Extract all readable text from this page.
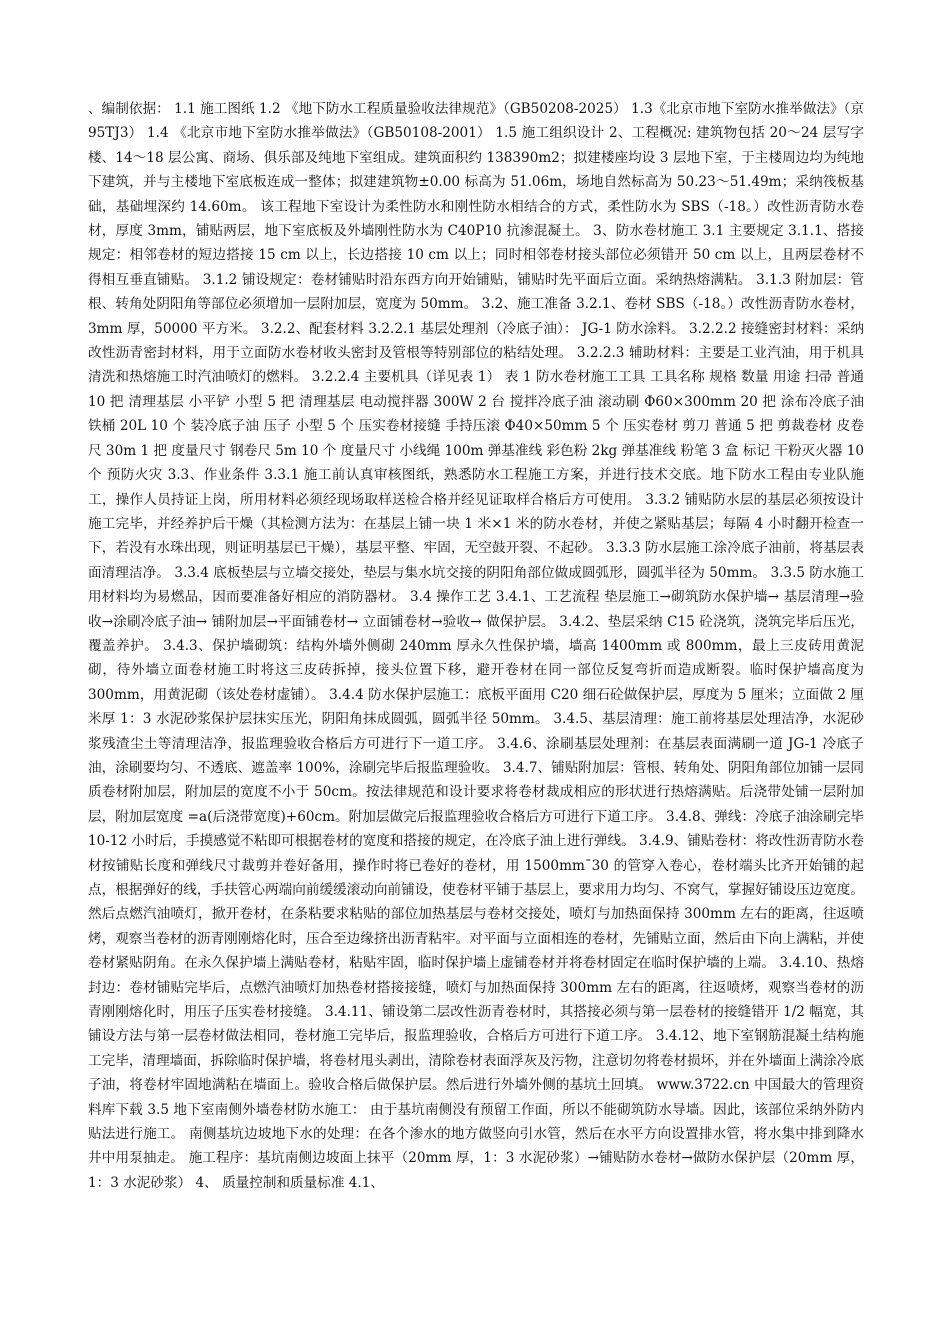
、编制依据： 1.1 施工图纸 1.2 《地下防水工程质量验收法律规范》（GB50208-2025） 1.3《北京市地下室防水推举做法》（京 95TJ3） 1.4 《北京市地下室防水推举做法》（GB50108-2001） 1.5 施工组织设计 2、工程概况: 建筑物包括 20～24 层写字楼、14～18 层公寓、商场、俱乐部及纯地下室组成。建筑面积约 138390m2；拟建楼座均设 3 层地下室，于主楼周边均为纯地下建筑，并与主楼地下室底板连成一整体；拟建建筑物±0.00 标高为 51.06m，场地自然标高为 50.23～51.49m；采纳筏板基础，基础埋深约 14.60m。 该工程地下室设计为柔性防水和刚性防水相结合的方式，柔性防水为 SBS（-18。）改性沥青防水卷材，厚度 3mm，铺贴两层，地下室底板及外墙刚性防水为 C40P10 抗渗混凝土。 3、防水卷材施工 3.1 主要规定 3.1.1、搭接规定：相邻卷材的短边搭接 15 cm 以上，长边搭接 10 cm 以上；同时相邻卷材接头部位必须错开 50 cm 以上，且两层卷材不得相互垂直铺贴。 3.1.2 铺设规定：卷材铺贴时沿东西方向开始铺贴，铺贴时先平面后立面。采纳热熔满粘。 3.1.3 附加层：管根、转角处阴阳角等部位必须增加一层附加层，宽度为 50mm。 3.2、施工准备 3.2.1、卷材 SBS（-18。）改性沥青防水卷材，3mm 厚，50000 平方米。 3.2.2、配套材料 3.2.2.1 基层处理剂（冷底子油）： JG-1 防水涂料。 3.2.2.2 接缝密封材料：采纳改性沥青密封材料，用于立面防水卷材收头密封及管根等特别部位的粘结处理。 3.2.2.3 辅助材料：主要是工业汽油，用于机具清洗和热熔施工时汽油喷灯的燃料。 3.2.2.4 主要机具（详见表 1） 表 1 防水卷材施工工具 工具名称 规格 数量 用途 扫帚 普通 10 把 清理基层 小平铲 小型 5 把 清理基层 电动搅拌器 300W 2 台 搅拌冷底子油 滚动刷 Φ60×300mm 20 把 涂布冷底子油 铁桶 20L 10 个 装冷底子油 压子 小型 5 个 压实卷材接缝 手持压滚 Φ40×50mm 5 个 压实卷材 剪刀 普通 5 把 剪裁卷材 皮卷尺 30m 1 把 度量尺寸 钢卷尺 5m 10 个 度量尺寸 小线绳 100m 弹基准线 彩色粉 2kg 弹基准线 粉笔 3 盒 标记 干粉灭火器 10 个 预防火灾 3.3、作业条件 3.3.1 施工前认真审核图纸，熟悉防水工程施工方案，并进行技术交底。地下防水工程由专业队施工，操作人员持证上岗，所用材料必须经现场取样送检合格并经见证取样合格后方可使用。 3.3.2 铺贴防水层的基层必须按设计施工完毕，并经养护后干燥（其检测方法为：在基层上铺一块 1 米×1 米的防水卷材，并使之紧贴基层；每隔 4 小时翻开检查一下，若没有水珠出现，则证明基层已干燥），基层平整、牢固，无空鼓开裂、不起砂。 3.3.3 防水层施工涂冷底子油前，将基层表面清理洁净。 3.3.4 底板垫层与立墙交接处，垫层与集水坑交接的阴阳角部位做成圆弧形，圆弧半径为 50mm。 3.3.5 防水施工用材料均为易燃品，因而要准备好相应的消防器材。 3.4 操作工艺 3.4.1、工艺流程 垫层施工→砌筑防水保护墙→ 基层清理→验收→涂刷冷底子油→ 铺附加层→平面铺卷材→ 立面铺卷材→验收→ 做保护层。 3.4.2、垫层采纳 C15 砼浇筑，浇筑完毕后压光，覆盖养护。 3.4.3、保护墙砌筑：结构外墙外侧砌 240mm 厚永久性保护墙，墙高 1400mm 或 800mm，最上三皮砖用黄泥砌，待外墙立面卷材施工时将这三皮砖拆掉，接头位置下移，避开卷材在同一部位反复弯折而造成断裂。临时保护墙高度为 300mm，用黄泥砌（该处卷材虚铺）。 3.4.4 防水保护层施工：底板平面用 C20 细石砼做保护层，厚度为 5 厘米；立面做 2 厘米厚 1：3 水泥砂浆保护层抹实压光，阴阳角抹成圆弧，圆弧半径 50mm。 3.4.5、基层清理：施工前将基层处理洁净，水泥砂浆残渣尘土等清理洁净，报监理验收合格后方可进行下一道工序。 3.4.6、涂刷基层处理剂：在基层表面满刷一道 JG-1 冷底子油，涂刷要均匀、不透底、遮盖率 100%，涂刷完毕后报监理验收。 3.4.7、铺贴附加层：管根、转角处、阴阳角部位加铺一层同质卷材附加层，附加层的宽度不小于 50cm。按法律规范和设计要求将卷材裁成相应的形状进行热熔满贴。后浇带处铺一层附加层，附加层宽度 =a(后浇带宽度)+60cm。附加层做完后报监理验收合格后方可进行下道工序。 3.4.8、弹线：冷底子油涂刷完毕 10-12 小时后，手摸感觉不粘即可根据卷材的宽度和搭接的规定，在冷底子油上进行弹线。 3.4.9、铺贴卷材：将改性沥青防水卷材按铺贴长度和弹线尺寸裁剪并卷好备用，操作时将已卷好的卷材，用 1500mm¯30 的管穿入卷心，卷材端头比齐开始铺的起点，根据弹好的线，手扶管心两端向前缓缓滚动向前铺设，使卷材平铺于基层上，要求用力均匀、不窝气，掌握好铺设压边宽度。然后点燃汽油喷灯，掀开卷材，在条粘要求粘贴的部位加热基层与卷材交接处，喷灯与加热面保持 300mm 左右的距离，往返喷烤，观察当卷材的沥青刚刚熔化时，压合至边缘挤出沥青粘牢。对平面与立面相连的卷材，先铺贴立面，然后由下向上满粘，并使卷材紧贴阴角。在永久保护墙上满贴卷材，粘贴牢固，临时保护墙上虚铺卷材并将卷材固定在临时保护墙的上端。 3.4.10、热熔封边：卷材铺贴完毕后，点燃汽油喷灯加热卷材搭接接缝，喷灯与加热面保持 300mm 左右的距离，往返喷烤，观察当卷材的沥青刚刚熔化时，用压子压实卷材接缝。 3.4.11、铺设第二层改性沥青卷材时，其搭接必须与第一层卷材的接缝错开 1/2 幅宽，其铺设方法与第一层卷材做法相同，卷材施工完毕后，报监理验收，合格后方可进行下道工序。 3.4.12、地下室钢筋混凝土结构施工完毕，清理墙面，拆除临时保护墙，将卷材甩头剥出，清除卷材表面浮灰及污物，注意切勿将卷材损坏，并在外墙面上满涂冷底子油，将卷材牢固地满粘在墙面上。验收合格后做保护层。然后进行外墙外侧的基坑土回填。 www.3722.cn 中国最大的管理资料库下载 3.5 地下室南侧外墙卷材防水施工： 由于基坑南侧没有预留工作面，所以不能砌筑防水导墙。因此，该部位采纳外防内贴法进行施工。 南侧基坑边坡地下水的处理：在各个渗水的地方做竖向引水管，然后在水平方向设置排水管，将水集中排到降水井中用泵抽走。 施工程序：基坑南侧边坡面上抹平（20mm 厚，1：3 水泥砂浆）→铺贴防水卷材→做防水保护层（20mm 厚，1：3 水泥砂浆） 4、 质量控制和质量标准 4.1、
